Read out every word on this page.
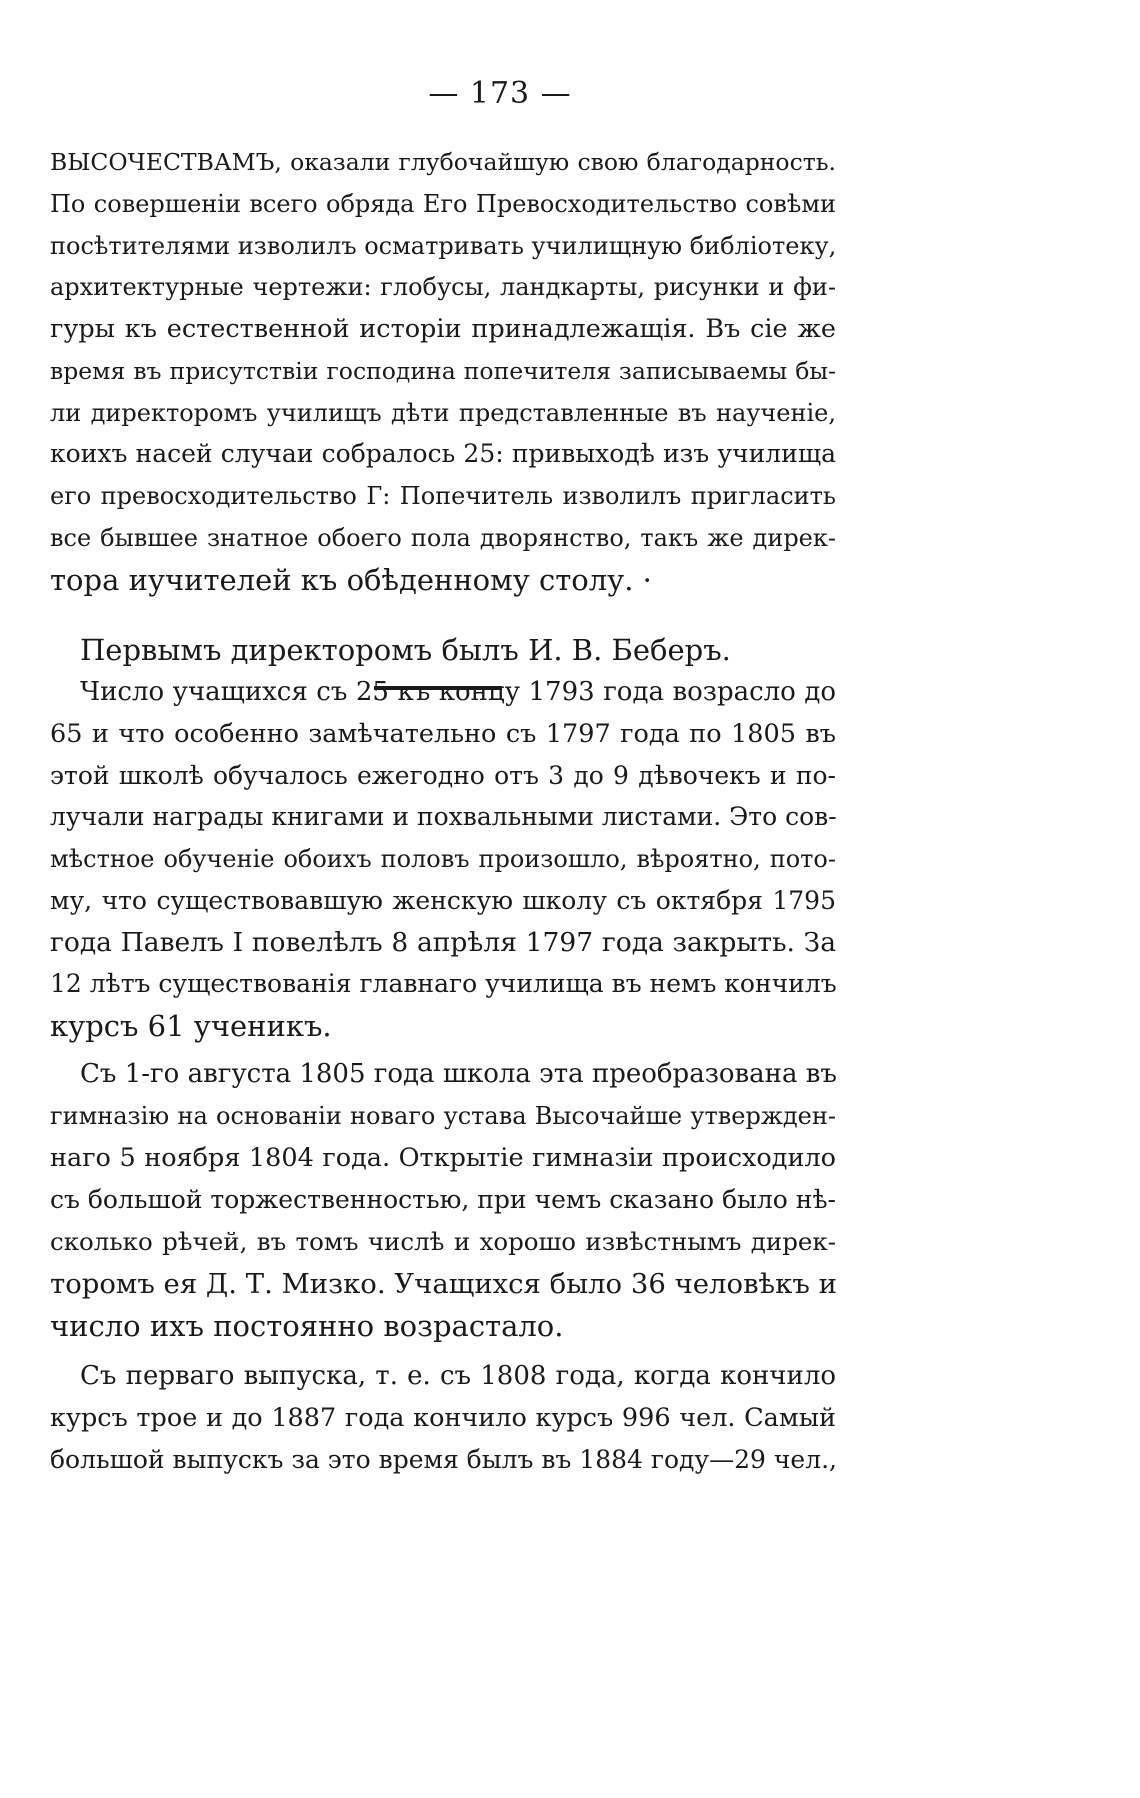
— 173 —
ВЫСОЧЕСТВАМЪ, оказали глубочайшую свою благодарность.
По совершеніи всего обряда Его Превосходительство совѣми
посѣтителями изволилъ осматривать училищную библіотеку,
архитектурные чертежи: глобусы, ландкарты, рисунки и фи-
гуры къ естественной исторіи принадлежащія. Въ сіе же
время въ присутствіи господина попечителя записываемы бы-
ли директоромъ училищъ дѣти представленные въ наученіе,
коихъ насей случаи собралось 25: привыходѣ изъ училища
его превосходительство Г: Попечитель изволилъ пригласить
все бывшее знатное обоего пола дворянство, такъ же дирек-
тора иучителей къ обѣденному столу. ·
Первымъ директоромъ былъ И. В. Беберъ.
Число учащихся съ 25 къ концу 1793 года возрасло до
65 и что особенно замѣчательно съ 1797 года по 1805 въ
этой школѣ обучалось ежегодно отъ 3 до 9 дѣвочекъ и по-
лучали награды книгами и похвальными листами. Это сов-
мѣстное обученіе обоихъ половъ произошло, вѣроятно, пото-
му, что существовавшую женскую школу съ октября 1795
года Павелъ I повелѣлъ 8 апрѣля 1797 года закрыть. За
12 лѣтъ существованія главнаго училища въ немъ кончилъ
курсъ 61 ученикъ.
Съ 1-го августа 1805 года школа эта преобразована въ
гимназію на основаніи новаго устава Высочайше утвержден-
наго 5 ноября 1804 года. Открытіе гимназіи происходило
съ большой торжественностью, при чемъ сказано было нѣ-
сколько рѣчей, въ томъ числѣ и хорошо извѣстнымъ дирек-
торомъ ея Д. Т. Мизко. Учащихся было 36 человѣкъ и
число ихъ постоянно возрастало.
Съ перваго выпуска, т. е. съ 1808 года, когда кончило
курсъ трое и до 1887 года кончило курсъ 996 чел. Самый
большой выпускъ за это время былъ въ 1884 году—29 чел.,
